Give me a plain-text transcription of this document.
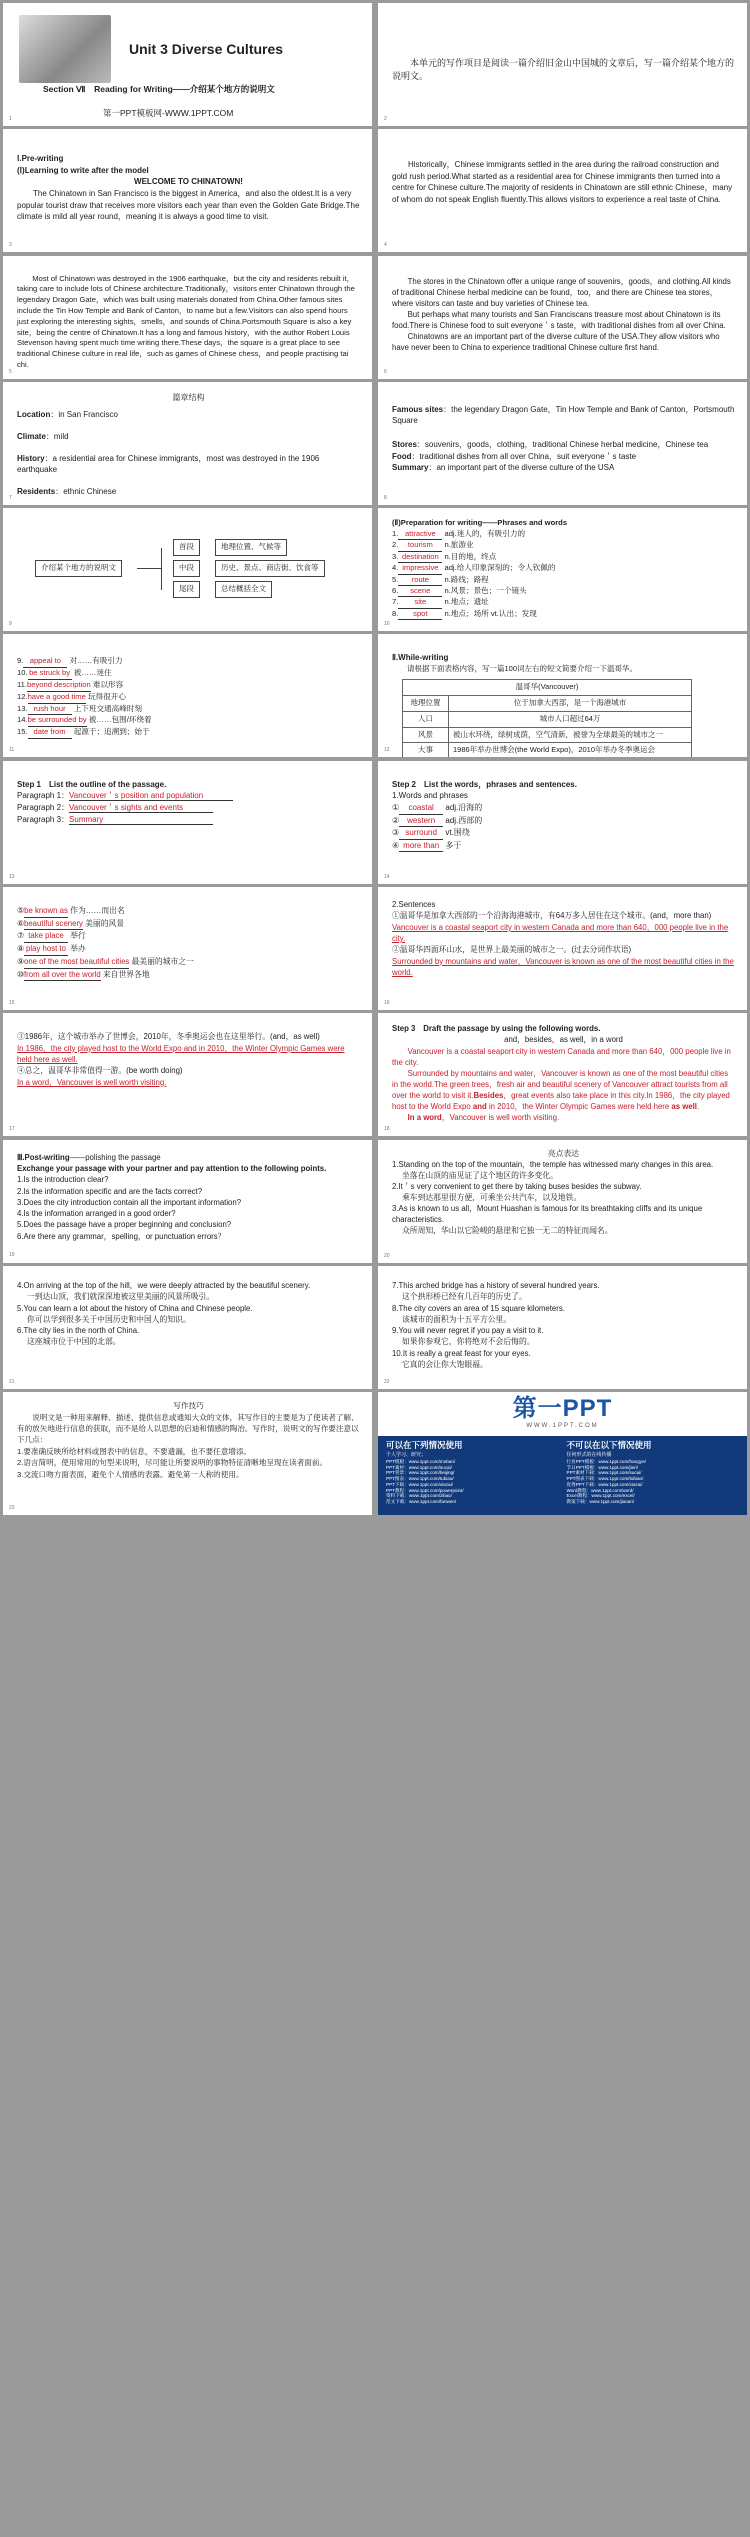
Unit 3 Diverse Cultures
Section Ⅶ　Reading for Writing——介绍某个地方的说明文
第一PPT模板网-WWW.1PPT.COM
1

本单元的写作项目是阅读一篇介绍旧金山中国城的文章后，写一篇介绍某个地方的说明文。

2

Ⅰ.Pre-writing

(Ⅰ)Learning to write after the model

WELCOME TO CHINATOWN!

The Chinatown in San Francisco is the biggest in America，and also the oldest.It is a very popular tourist draw that receives more visitors each year than even the Golden Gate Bridge.The climate is mild all year round，meaning it is always a good time to visit.

3

Historically，Chinese immigrants settled in the area during the railroad construction and gold rush period.What started as a residential area for Chinese immigrants then turned into a centre for Chinese culture.The majority of residents in Chinatown are still ethnic Chinese，many of whom do not speak English fluently.This allows visitors to experience a real taste of China.

4

Most of Chinatown was destroyed in the 1906 earthquake，but the city and residents rebuilt it，taking care to include lots of Chinese architecture.Traditionally，visitors enter Chinatown through the legendary Dragon Gate，which was built using materials donated from China.Other famous sites include the Tin How Temple and Bank of Canton，to name but a few.Visitors can also spend hours just exploring the interesting sights，smells，and sounds of China.Portsmouth Square is also a key site，being the centre of Chinatown.It has a long and famous history，with the author Robert Louis Stevenson having spent much time writing there.These days，the square is a great place to see traditional Chinese culture in real life，such as games of Chinese chess，and people practising tai chi.

5

The stores in the Chinatown offer a unique range of souvenirs，goods，and clothing.All kinds of traditional Chinese herbal medicine can be found，too，and there are Chinese tea stores，where visitors can taste and buy varieties of Chinese tea.

But perhaps what many tourists and San Franciscans treasure most about Chinatown is its food.There is Chinese food to suit everyone＇s taste，with traditional dishes from all over China.

Chinatowns are an important part of the diverse culture of the USA.They allow visitors who have never been to China to experience traditional Chinese culture first hand.

6

篇章结构

Location：in San Francisco

Climate：mild

History：a residential area for Chinese immigrants，most was destroyed in the 1906 earthquake

Residents：ethnic Chinese

7

Famous sites：the legendary Dragon Gate，Tin How Temple and Bank of Canton，Portsmouth Square

Stores：souvenirs，goods，clothing，traditional Chinese herbal medicine，Chinese tea

Food：traditional dishes from all over China，suit everyone＇s taste

Summary：an important part of the diverse culture of the USA

8
介绍某个地方的说明文
首段
中段
尾段
地理位置、气候等
历史、景点、商店街、饮食等
总结概括全文
9

(Ⅱ)Preparation for writing——Phrases and words

1. attractive adj.迷人的，有吸引力的

2. tourism n.旅游业

3. destination n.目的地，终点

4. impressive adj.给人印象深刻的；令人钦佩的

5. route n.路线；路程

6. scene n.风景；景色；一个镜头

7. site n.地点；遗址

8. spot n.地点；场所 vt.认出；发现

10

9. appeal to 对……有吸引力

10. be struck by 被……迷住

11.beyond description 难以形容

12.have a good time 玩得很开心

13. rush hour 上下班交通高峰时刻

14.be surrounded by 被……包围/环绕着

15. date from 起源于；追溯到；始于

11

Ⅱ.While-writing

请根据下面表格内容，写一篇100词左右的短文简要介绍一下温哥华。

温哥华(Vancouver)	
地理位置	位于加拿大西部，是一个海港城市
人口	城市人口超过64万
风景	被山水环绕，绿树成荫，空气清新，被誉为全球最美的城市之一
大事	1986年举办世博会(the World Expo)，2010年举办冬季奥运会
12

Step 1　List the outline of the passage.

Paragraph 1：Vancouver＇s position and population

Paragraph 2：Vancouver＇s sights and events

Paragraph 3：Summary

13

Step 2　List the words，phrases and sentences.

1.Words and phrases

① coastal adj.沿海的

② western adj.西部的

③ surround vt.围绕

④ more than 多于

14

⑤be known as 作为……而出名

⑥beautiful scenery 美丽的风景

⑦ take place 举行

⑧ play host to 举办

⑨one of the most beautiful cities 最美丽的城市之一

⑩from all over the world 来自世界各地

15

2.Sentences

①温哥华是加拿大西部的一个沿海海港城市，有64万多人居住在这个城市。(and，more than)

Vancouver is a coastal seaport city in western Canada and more than 640，000 people live in the city.

②温哥华四面环山水，是世界上最美丽的城市之一。(过去分词作状语)

Surrounded by mountains and water，Vancouver is known as one of the most beautiful cities in the world.

16

③1986年，这个城市举办了世博会，2010年，冬季奥运会也在这里举行。(and，as well)

In 1986，the city played host to the World Expo and in 2010，the Winter Olympic Games were held here as well.

④总之，温哥华非常值得一游。(be worth doing)

In a word，Vancouver is well worth visiting.

17

Step 3　Draft the passage by using the following words.

and，besides，as well，in a word

Vancouver is a coastal seaport city in western Canada and more than 640，000 people live in the city.

Surrounded by mountains and water，Vancouver is known as one of the most beautiful cities in the world.The green trees，fresh air and beautiful scenery of Vancouver attract tourists from all over the world to visit it.Besides，great events also take place in this city.In 1986，the city played host to the World Expo and in 2010，the Winter Olympic Games were held here as well.

In a word，Vancouver is well worth visiting.

18

Ⅲ.Post-writing——polishing the passage

Exchange your passage with your partner and pay attention to the following points.

1.Is the introduction clear?

2.Is the information specific and are the facts correct?

3.Does the city introduction contain all the important information?

4.Is the information arranged in a good order?

5.Does the passage have a proper beginning and conclusion?

6.Are there any grammar，spelling，or punctuation errors？

19

亮点表达

1.Standing on the top of the mountain，the temple has witnessed many changes in this area.

坐落在山顶的庙见证了这个地区的许多变化。

2.It＇s very convenient to get there by taking buses besides the subway.

乘车到达那里很方便，可乘坐公共汽车，以及地铁。

3.As is known to us all，Mount Huashan is famous for its breathtaking cliffs and its unique characteristics.

众所周知，华山以它险峻的悬崖和它独一无二的特征而闻名。

20

4.On arriving at the top of the hill，we were deeply attracted by the beautiful scenery.

一到达山顶，我们就深深地被这里美丽的风景所吸引。

5.You can learn a lot about the history of China and Chinese people.

你可以学到很多关于中国历史和中国人的知识。

6.The city lies in the north of China.

这座城市位于中国的北部。

21

7.This arched bridge has a history of several hundred years.

这个拱形桥已经有几百年的历史了。

8.The city covers an area of 15 square kilometers.

该城市的面积为十五平方公里。

9.You will never regret if you pay a visit to it.

如果你参观它，你将绝对不会后悔的。

10.It is really a great feast for your eyes.

它真的会让你大饱眼福。

22

写作技巧

说明文是一种用来解释、描述、提供信息或通知大众的文体，其写作目的主要是为了使读者了解、有的放矢地进行信息的获取，而不是给人以思想的启迪和情感的陶冶。写作时，说明文的写作要注意以下几点：

1.要准确反映所给材料或图表中的信息，不要遗漏，也不要任意增添。

2.语言简明，使用常用的句型来说明，尽可能让所要说明的事物特征清晰地呈现在读者面前。

3.交流口吻方面表面，避免个人情感的表露。避免第一人称的使用。

23
第一PPT
WWW.1PPT.COM
可以在下列情况使用
个人学习、研究；

PPT模板：www.1ppt.com/moban/

PPT素材：www.1ppt.com/sucai/

PPT背景：www.1ppt.com/beijing/

PPT图表：www.1ppt.com/tubiao/

PPT下载：www.1ppt.com/xiazai/

PPT教程：www.1ppt.com/powerpoint/

资料下载：www.1ppt.com/ziliao/

范文下载：www.1ppt.com/fanwen/

不可以在以下情况使用
任何形式的在线传播

行业PPT模板：www.1ppt.com/hangye/

节日PPT模板：www.1ppt.com/jieri/

PPT素材下载：www.1ppt.com/sucai/

PPT图表下载：www.1ppt.com/tubiao/

优秀PPT下载：www.1ppt.com/xiazai/

Word教程：www.1ppt.com/word/

Excel教程：www.1ppt.com/excel/

教案下载：www.1ppt.com/jiaoan/
